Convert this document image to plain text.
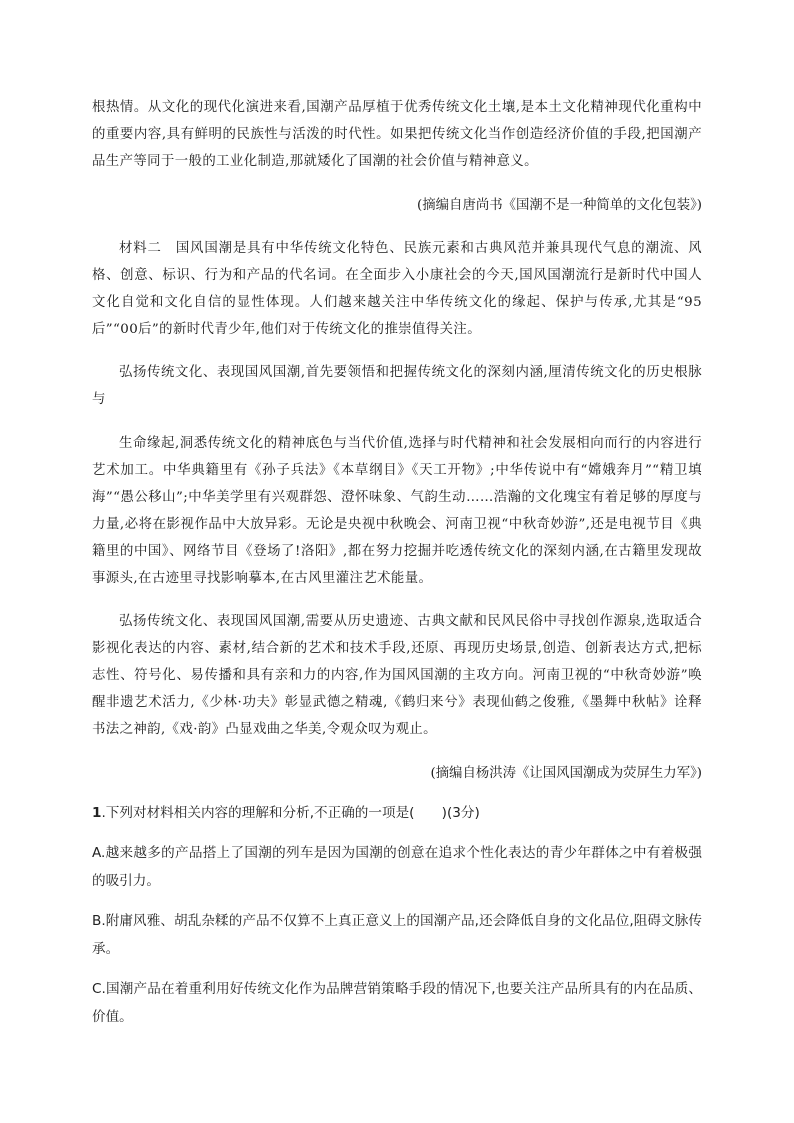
根热情。从文化的现代化演进来看,国潮产品厚植于优秀传统文化土壤,是本土文化精神现代化重构中的重要内容,具有鲜明的民族性与活泼的时代性。如果把传统文化当作创造经济价值的手段,把国潮产品生产等同于一般的工业化制造,那就矮化了国潮的社会价值与精神意义。

(摘编自唐尚书《国潮不是一种简单的文化包装》)

材料二　国风国潮是具有中华传统文化特色、民族元素和古典风范并兼具现代气息的潮流、风格、创意、标识、行为和产品的代名词。在全面步入小康社会的今天,国风国潮流行是新时代中国人文化自觉和文化自信的显性体现。人们越来越关注中华传统文化的缘起、保护与传承,尤其是“95后”“00后”的新时代青少年,他们对于传统文化的推崇值得关注。

弘扬传统文化、表现国风国潮,首先要领悟和把握传统文化的深刻内涵,厘清传统文化的历史根脉与

生命缘起,洞悉传统文化的精神底色与当代价值,选择与时代精神和社会发展相向而行的内容进行艺术加工。中华典籍里有《孙子兵法》《本草纲目》《天工开物》;中华传说中有“嫦娥奔月”“精卫填海”“愚公移山”;中华美学里有兴观群怨、澄怀味象、气韵生动……浩瀚的文化瑰宝有着足够的厚度与力量,必将在影视作品中大放异彩。无论是央视中秋晚会、河南卫视“中秋奇妙游”,还是电视节目《典籍里的中国》、网络节目《登场了!洛阳》,都在努力挖掘并吃透传统文化的深刻内涵,在古籍里发现故事源头,在古迹里寻找影响摹本,在古风里灌注艺术能量。

弘扬传统文化、表现国风国潮,需要从历史遗迹、古典文献和民风民俗中寻找创作源泉,选取适合影视化表达的内容、素材,结合新的艺术和技术手段,还原、再现历史场景,创造、创新表达方式,把标志性、符号化、易传播和具有亲和力的内容,作为国风国潮的主攻方向。河南卫视的“中秋奇妙游”唤醒非遗艺术活力,《少林·功夫》彰显武德之精魂,《鹤归来兮》表现仙鹤之俊雅,《墨舞中秋帖》诠释书法之神韵,《戏·韵》凸显戏曲之华美,令观众叹为观止。

(摘编自杨洪涛《让国风国潮成为荧屏生力军》)

1.下列对材料相关内容的理解和分析,不正确的一项是(　　)(3分)

A.越来越多的产品搭上了国潮的列车是因为国潮的创意在追求个性化表达的青少年群体之中有着极强的吸引力。

B.附庸风雅、胡乱杂糅的产品不仅算不上真正意义上的国潮产品,还会降低自身的文化品位,阻碍文脉传承。

C.国潮产品在着重利用好传统文化作为品牌营销策略手段的情况下,也要关注产品所具有的内在品质、价值。
